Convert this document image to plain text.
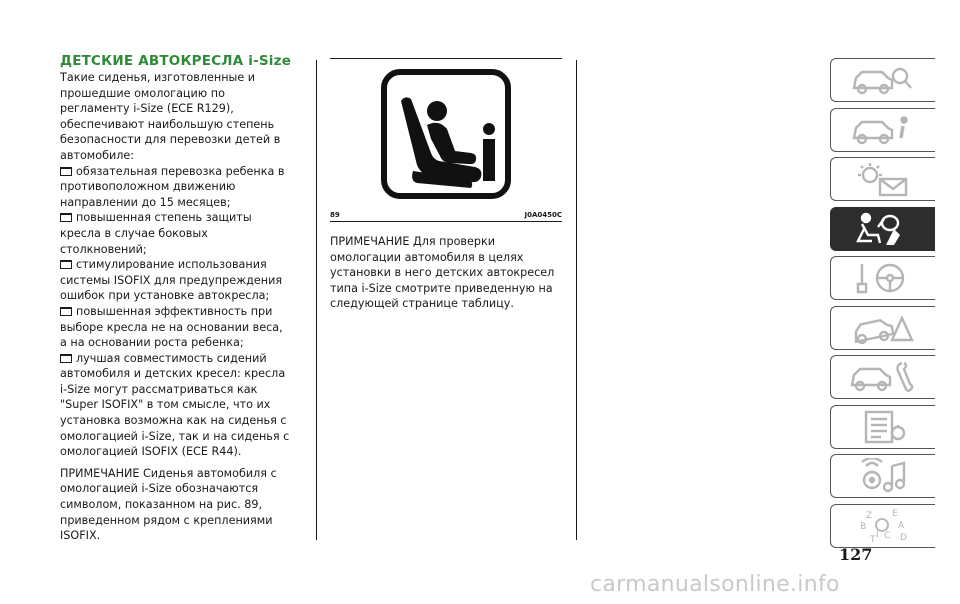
ДЕТСКИЕ АВТОКРЕСЛА i-Size
Такие сиденья, изготовленные и прошедшие омологацию по регламенту i-Size (ECE R129), обеспечивают наибольшую степень безопасности для перевозки детей в автомобиле:
обязательная перевозка ребенка в противоположном движению направлении до 15 месяцев;
повышенная степень защиты кресла в случае боковых столкновений;
стимулирование использования системы ISOFIX для предупреждения ошибок при установке автокресла;
повышенная эффективность при выборе кресла не на основании веса, а на основании роста ребенка;
лучшая совместимость сидений автомобиля и детских кресел: кресла i-Size могут рассматриваться как "Super ISOFIX" в том смысле, что их установка возможна как на сиденья с омологацией i-Size, так и на сиденья с омологацией ISOFIX (ECE R44).
ПРИМЕЧАНИЕ Сиденья автомобиля с омологацией i-Size обозначаются символом, показанном на рис. 89, приведенном рядом с креплениями ISOFIX.
89	J0A0450C
ПРИМЕЧАНИЕ Для проверки омологации автомобиля в целях установки в него детских автокресел типа i-Size смотрите приведенную на следующей странице таблицу.
Z E
B	A
I C
T	D
127
carmanualsonline.info
